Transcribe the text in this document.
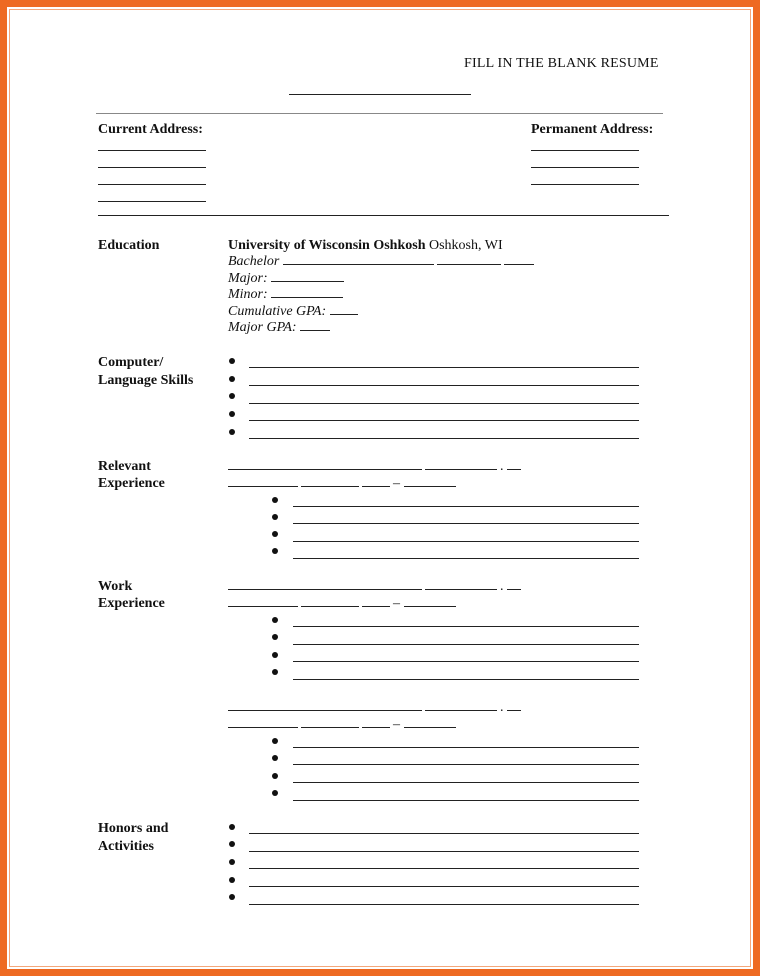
FILL IN THE BLANK RESUME
Current Address:	Permanent Address:
Education	University of Wisconsin Oshkosh Oshkosh, WI
Bachelor
Major:
Minor:
Cumulative GPA:
Major GPA:
Computer/
Language Skills
Relevant
Experience
.
–
Work
Experience
.
–
.
–
Honors and
Activities
